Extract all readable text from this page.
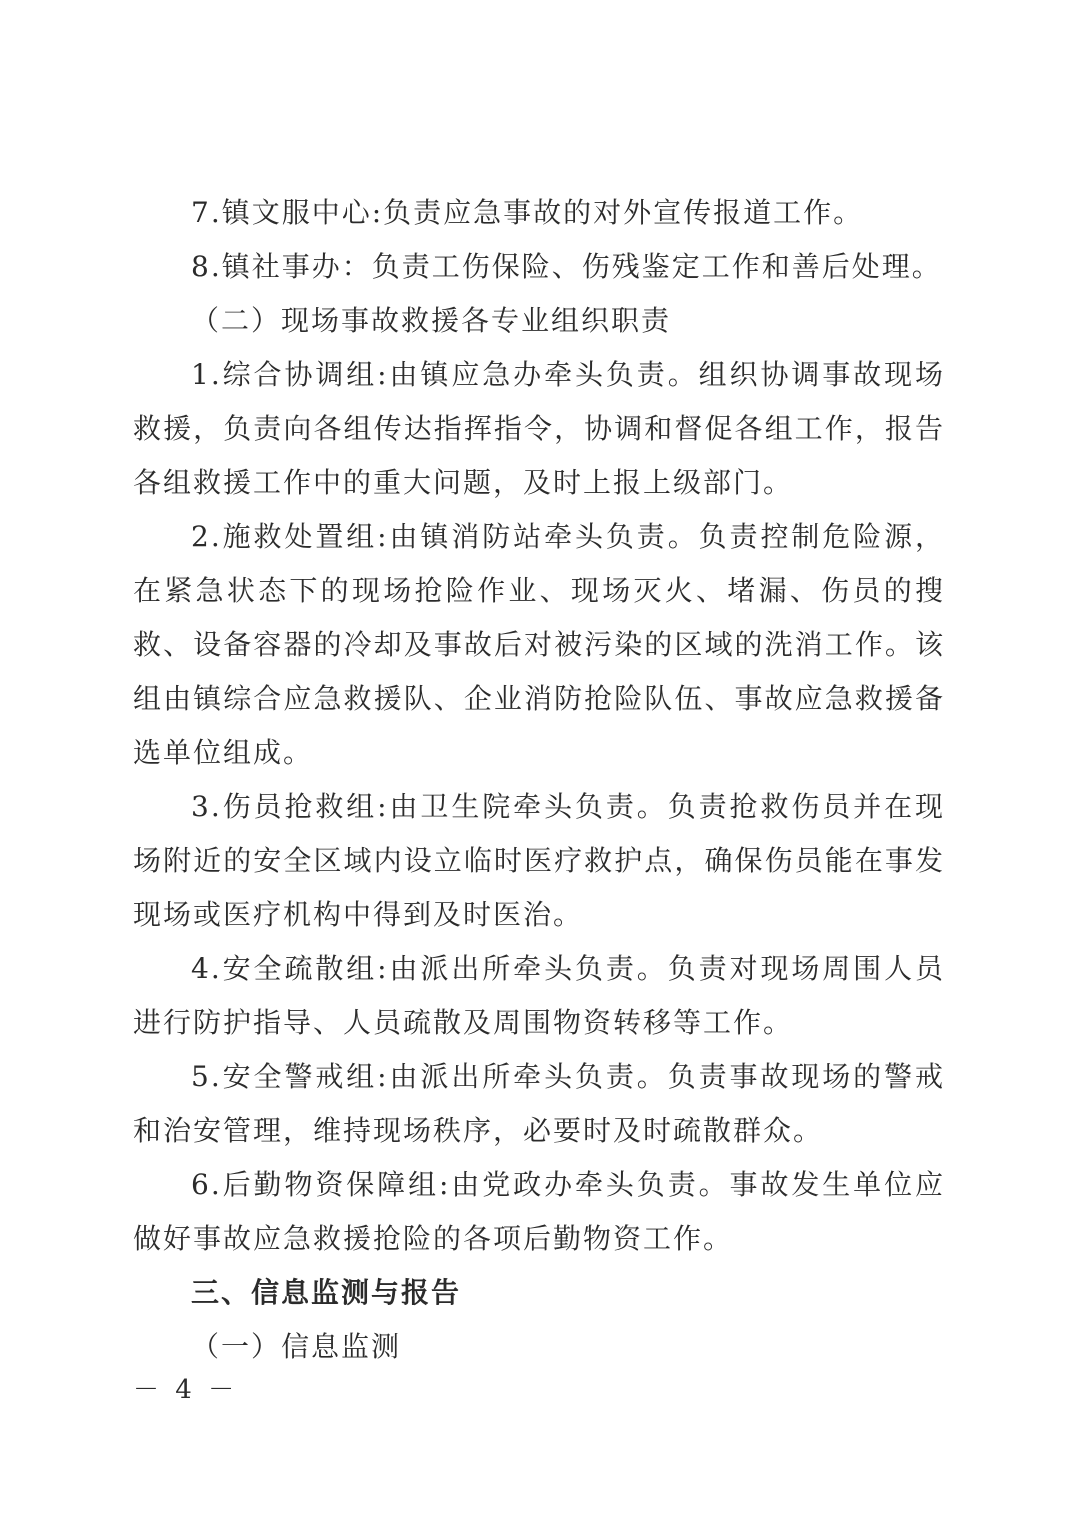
7.镇文服中心:负责应急事故的对外宣传报道工作。

8.镇社事办：负责工伤保险、伤残鉴定工作和善后处理。

（二）现场事故救援各专业组织职责

1.综合协调组:由镇应急办牵头负责。组织协调事故现场救援，负责向各组传达指挥指令，协调和督促各组工作，报告各组救援工作中的重大问题，及时上报上级部门。

2.施救处置组:由镇消防站牵头负责。负责控制危险源，在紧急状态下的现场抢险作业、现场灭火、堵漏、伤员的搜救、设备容器的冷却及事故后对被污染的区域的洗消工作。该组由镇综合应急救援队、企业消防抢险队伍、事故应急救援备选单位组成。

3.伤员抢救组:由卫生院牵头负责。负责抢救伤员并在现场附近的安全区域内设立临时医疗救护点，确保伤员能在事发现场或医疗机构中得到及时医治。

4.安全疏散组:由派出所牵头负责。负责对现场周围人员进行防护指导、人员疏散及周围物资转移等工作。

5.安全警戒组:由派出所牵头负责。负责事故现场的警戒和治安管理，维持现场秩序，必要时及时疏散群众。

6.后勤物资保障组:由党政办牵头负责。事故发生单位应做好事故应急救援抢险的各项后勤物资工作。

三、信息监测与报告
（一）信息监测
－ 4 －
